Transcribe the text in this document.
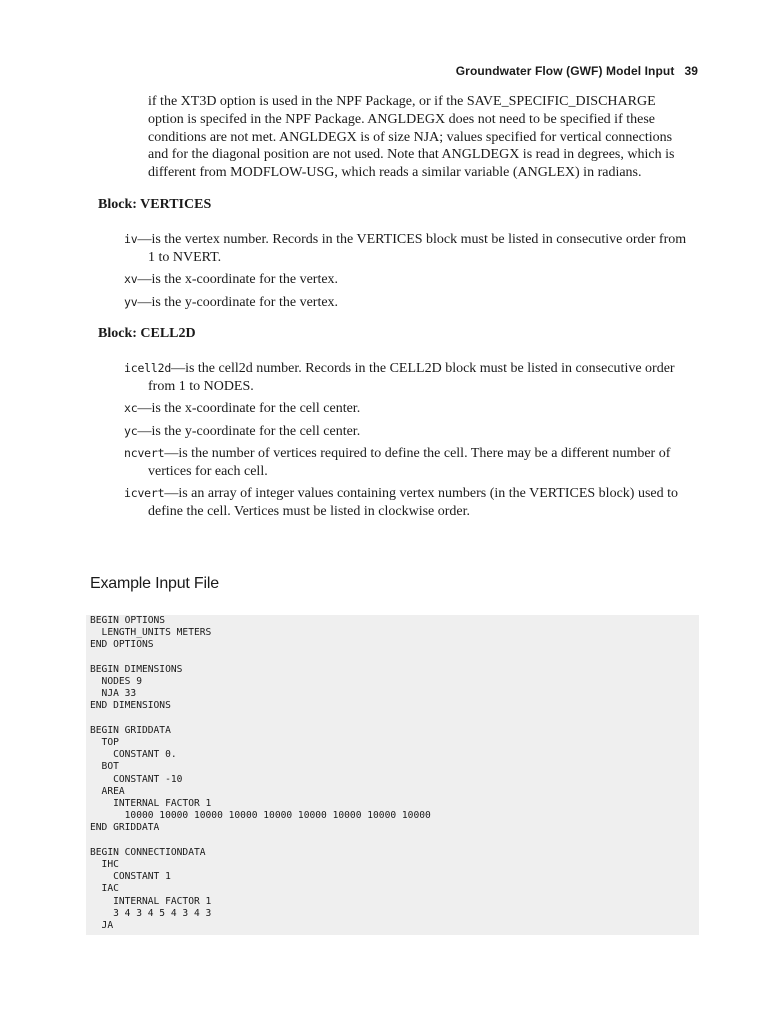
Groundwater Flow (GWF) Model Input 39
if the XT3D option is used in the NPF Package, or if the SAVE_SPECIFIC_DISCHARGE option is specifed in the NPF Package. ANGLDEGX does not need to be specified if these conditions are not met. ANGLDEGX is of size NJA; values specified for vertical connections and for the diagonal position are not used. Note that ANGLDEGX is read in degrees, which is different from MODFLOW-USG, which reads a similar variable (ANGLEX) in radians.
Block: VERTICES
iv—is the vertex number. Records in the VERTICES block must be listed in consecutive order from 1 to NVERT.
xv—is the x-coordinate for the vertex.
yv—is the y-coordinate for the vertex.
Block: CELL2D
icell2d—is the cell2d number. Records in the CELL2D block must be listed in consecutive order from 1 to NODES.
xc—is the x-coordinate for the cell center.
yc—is the y-coordinate for the cell center.
ncvert—is the number of vertices required to define the cell. There may be a different number of vertices for each cell.
icvert—is an array of integer values containing vertex numbers (in the VERTICES block) used to define the cell. Vertices must be listed in clockwise order.
Example Input File
BEGIN OPTIONS
LENGTH_UNITS METERS
END OPTIONS

BEGIN DIMENSIONS
NODES 9
NJA 33
END DIMENSIONS

BEGIN GRIDDATA
TOP
CONSTANT 0.
BOT
CONSTANT -10
AREA
INTERNAL FACTOR 1
10000 10000 10000 10000 10000 10000 10000 10000 10000
END GRIDDATA

BEGIN CONNECTIONDATA
IHC
CONSTANT 1
IAC
INTERNAL FACTOR 1
3 4 3 4 5 4 3 4 3
JA
